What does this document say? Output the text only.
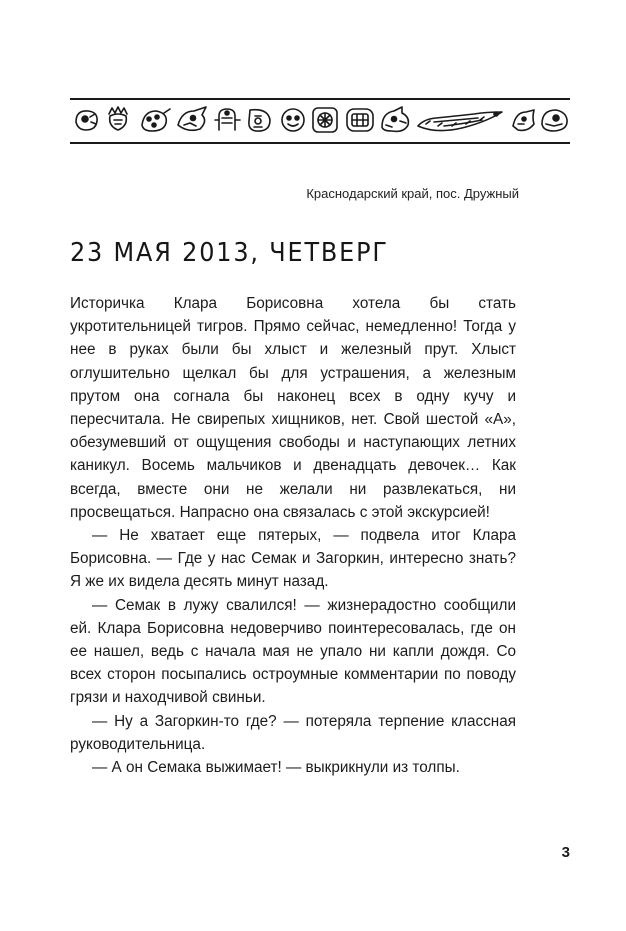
Краснодарский край, пос. Дружный
23 МАЯ 2013, ЧЕТВЕРГ

Историчка Клара Борисовна хотела бы стать укротительницей тигров. Прямо сейчас, немедленно! Тогда у нее в руках были бы хлыст и железный прут. Хлыст оглушительно щелкал бы для устрашения, а железным прутом она согнала бы наконец всех в одну кучу и пересчитала. Не свирепых хищников, нет. Свой шестой «А», обезумевший от ощущения свободы и наступающих летних каникул. Восемь мальчиков и двенадцать девочек… Как всегда, вместе они не желали ни развлекаться, ни просвещаться. Напрасно она связалась с этой экскурсией!

— Не хватает еще пятерых, — подвела итог Клара Борисовна. — Где у нас Семак и Загоркин, интересно знать? Я же их видела десять минут назад.

— Семак в лужу свалился! — жизнерадостно сообщили ей. Клара Борисовна недоверчиво поинтересовалась, где он ее нашел, ведь с начала мая не упало ни капли дождя. Со всех сторон посыпались остроумные комментарии по поводу грязи и находчивой свиньи.

— Ну а Загоркин-то где? — потеряла терпение классная руководительница.

— А он Семака выжимает! — выкрикнули из толпы.

3
